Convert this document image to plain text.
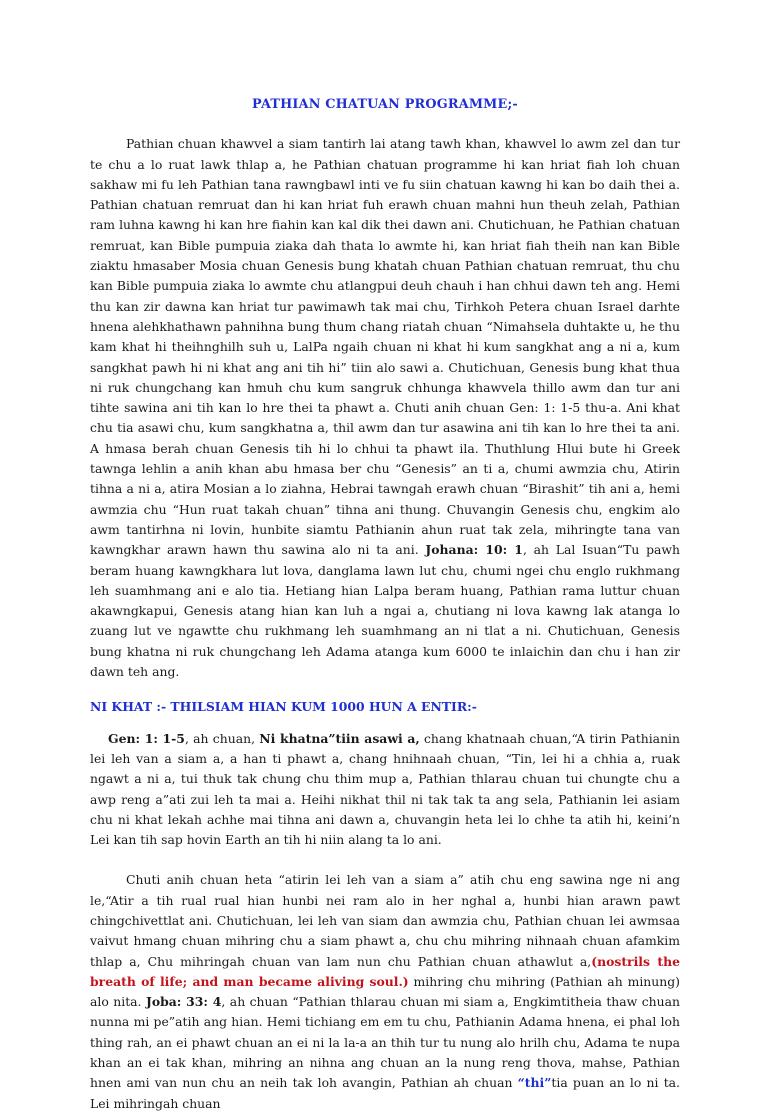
PATHIAN CHATUAN PROGRAMME;-

Pathian chuan khawvel a siam tantirh lai atang tawh khan, khawvel lo awm zel dan tur te chu a lo ruat lawk thlap a, he Pathian chatuan programme hi kan hriat fiah loh chuan sakhaw mi fu leh Pathian tana rawngbawl inti ve fu siin chatuan kawng hi kan bo daih thei a. Pathian chatuan remruat dan hi kan hriat fuh erawh chuan mahni hun theuh zelah, Pathian ram luhna kawng hi kan hre fiahin kan kal dik thei dawn ani. Chutichuan, he Pathian chatuan remruat, kan Bible pumpuia ziaka dah thata lo awmte hi, kan hriat fiah theih nan kan Bible ziaktu hmasaber Mosia chuan Genesis bung khatah chuan Pathian chatuan remruat, thu chu kan Bible pumpuia ziaka lo awmte chu atlangpui deuh chauh i han chhui dawn teh ang. Hemi thu kan zir dawna kan hriat tur pawimawh tak mai chu, Tirhkoh Petera chuan Israel darhte hnena alehkhathawn pahnihna bung thum chang riatah chuan “Nimahsela duhtakte u, he thu kam khat hi theihnghilh suh u, LalPa ngaih chuan ni khat hi kum sangkhat ang a ni a, kum sangkhat pawh hi ni khat ang ani tih hi” tiin alo sawi a. Chutichuan, Genesis bung khat thua ni ruk chungchang kan hmuh chu kum sangruk chhunga khawvela thillo awm dan tur ani tihte sawina ani tih kan lo hre thei ta phawt a. Chuti anih chuan Gen: 1: 1-5 thu-a. Ani khat chu tia asawi chu, kum sangkhatna a, thil awm dan tur asawina ani tih kan lo hre thei ta ani. A hmasa berah chuan Genesis tih hi lo chhui ta phawt ila. Thuthlung Hlui bute hi Greek tawnga lehlin a anih khan abu hmasa ber chu “Genesis” an ti a, chumi awmzia chu, Atirin tihna a ni a, atira Mosian a lo ziahna, Hebrai tawngah erawh chuan “Birashit” tih ani a, hemi awmzia chu “Hun ruat takah chuan” tihna ani thung. Chuvangin Genesis chu, engkim alo awm tantirhna ni lovin, hunbite siamtu Pathianin ahun ruat tak zela, mihringte tana van kawngkhar arawn hawn thu sawina alo ni ta ani. Johana: 10: 1, ah Lal Isuan“Tu pawh beram huang kawngkhara lut lova, danglama lawn lut chu, chumi ngei chu englo rukhmang leh suamhmang ani e alo tia. Hetiang hian Lalpa beram huang, Pathian rama luttur chuan akawngkapui, Genesis atang hian kan luh a ngai a, chutiang ni lova kawng lak atanga lo zuang lut ve ngawtte chu rukhmang leh suamhmang an ni tlat a ni. Chutichuan, Genesis bung khatna ni ruk chungchang leh Adama atanga kum 6000 te inlaichin dan chu i han zir dawn teh ang.

NI KHAT :- THILSIAM HIAN KUM 1000 HUN A ENTIR:-

Gen: 1: 1-5, ah chuan, Ni khatna”tiin asawi a, chang khatnaah chuan,“A tirin Pathianin lei leh van a siam a, a han ti phawt a, chang hnihnaah chuan, “Tin, lei hi a chhia a, ruak ngawt a ni a, tui thuk tak chung chu thim mup a, Pathian thlarau chuan tui chungte chu a awp reng a”ati zui leh ta mai a. Heihi nikhat thil ni tak tak ta ang sela, Pathianin lei asiam chu ni khat lekah achhe mai tihna ani dawn a, chuvangin heta lei lo chhe ta atih hi, keini’n Lei kan tih sap hovin Earth an tih hi niin alang ta lo ani.

Chuti anih chuan heta “atirin lei leh van a siam a” atih chu eng sawina nge ni ang le,“Atir a tih rual rual hian hunbi nei ram alo in her nghal a, hunbi hian arawn pawt chingchivettlat ani. Chutichuan, lei leh van siam dan awmzia chu, Pathian chuan lei awmsaa vaivut hmang chuan mihring chu a siam phawt a, chu chu mihring nihnaah chuan afamkim thlap a, Chu mihringah chuan van lam nun chu Pathian chuan athawlut a,(nostrils the breath of life; and man became aliving soul.) mihring chu mihring (Pathian ah minung) alo nita. Joba: 33: 4, ah chuan “Pathian thlarau chuan mi siam a, Engkimtitheia thaw chuan nunna mi pe”atih ang hian. Hemi tichiang em em tu chu, Pathianin Adama hnena, ei phal loh thing rah, an ei phawt chuan an ei ni la la-a an thih tur tu nung alo hrilh chu, Adama te nupa khan an ei tak khan, mihring an nihna ang chuan an la nung reng thova, mahse, Pathian hnen ami van nun chu an neih tak loh avangin, Pathian ah chuan “thi”tia puan an lo ni ta. Lei mihringah chuan
